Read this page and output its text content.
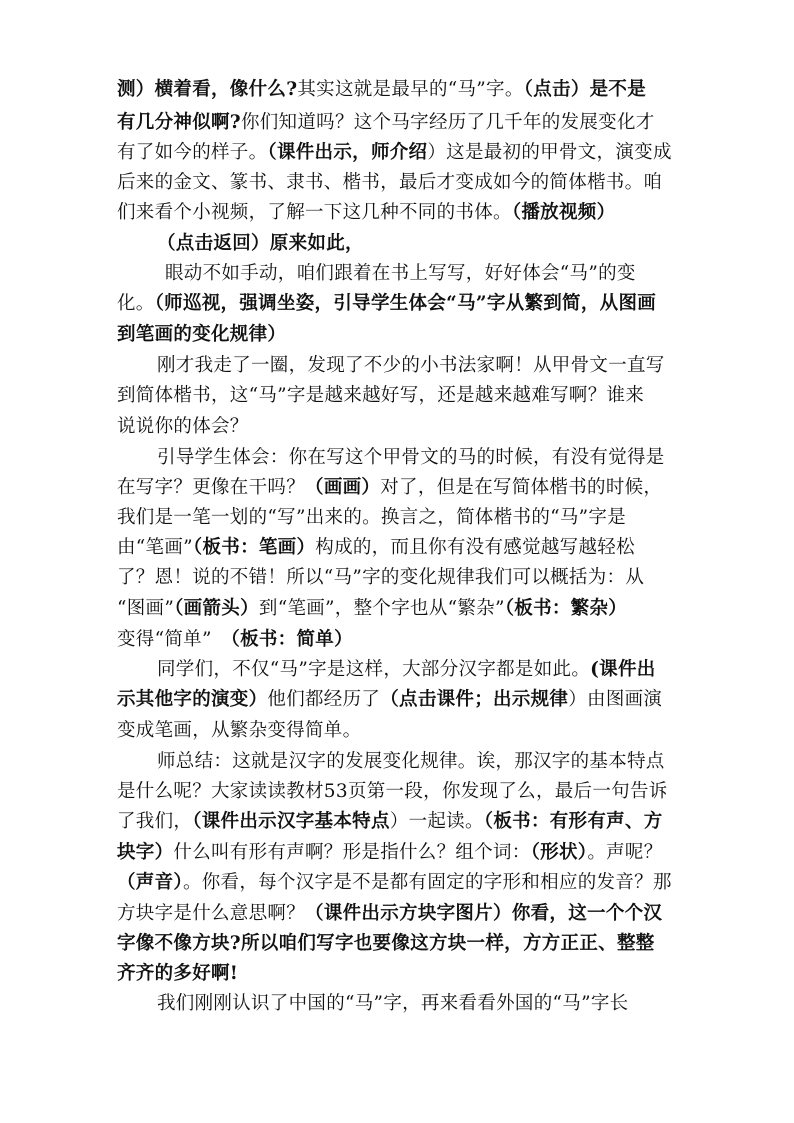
测）横着看，像什么?其实这就是最早的“马”字。（点击）是不是
有几分神似啊?你们知道吗？这个马字经历了几千年的发展变化才
有了如今的样子。（课件出示，师介绍）这是最初的甲骨文，演变成
后来的金文、篆书、隶书、楷书，最后才变成如今的简体楷书。咱
们来看个小视频，了解一下这几种不同的书体。（播放视频）
（点击返回）原来如此，
眼动不如手动，咱们跟着在书上写写，好好体会“马”的变
化。（师巡视，强调坐姿，引导学生体会“马”字从繁到简，从图画
到笔画的变化规律）
刚才我走了一圈，发现了不少的小书法家啊！从甲骨文一直写
到简体楷书，这“马”字是越来越好写，还是越来越难写啊？谁来
说说你的体会？
引导学生体会：你在写这个甲骨文的马的时候，有没有觉得是
在写字？更像在干吗？（画画）对了，但是在写简体楷书的时候，
我们是一笔一划的“写”出来的。换言之，简体楷书的“马”字是
由“笔画”（板书：笔画）构成的，而且你有没有感觉越写越轻松
了？恩！说的不错！所以“马”字的变化规律我们可以概括为：从
“图画”（画箭头）到“笔画”，整个字也从“繁杂”（板书：繁杂）
变得“简单”　（板书：简单）
同学们，不仅“马”字是这样，大部分汉字都是如此。(课件出
示其他字的演变）他们都经历了（点击课件；出示规律）由图画演
变成笔画，从繁杂变得简单。
师总结：这就是汉字的发展变化规律。诶，那汉字的基本特点
是什么呢？大家读读教材53页第一段，你发现了么，最后一句告诉
了我们，（课件出示汉字基本特点）一起读。（板书：有形有声、方
块字）什么叫有形有声啊？形是指什么？组个词：（形状）。声呢？
（声音）。你看，每个汉字是不是都有固定的字形和相应的发音？那
方块字是什么意思啊？（课件出示方块字图片）你看，这一个个汉
字像不像方块?所以咱们写字也要像这方块一样，方方正正、整整
齐齐的多好啊!
我们刚刚认识了中国的“马”字，再来看看外国的“马”字长
